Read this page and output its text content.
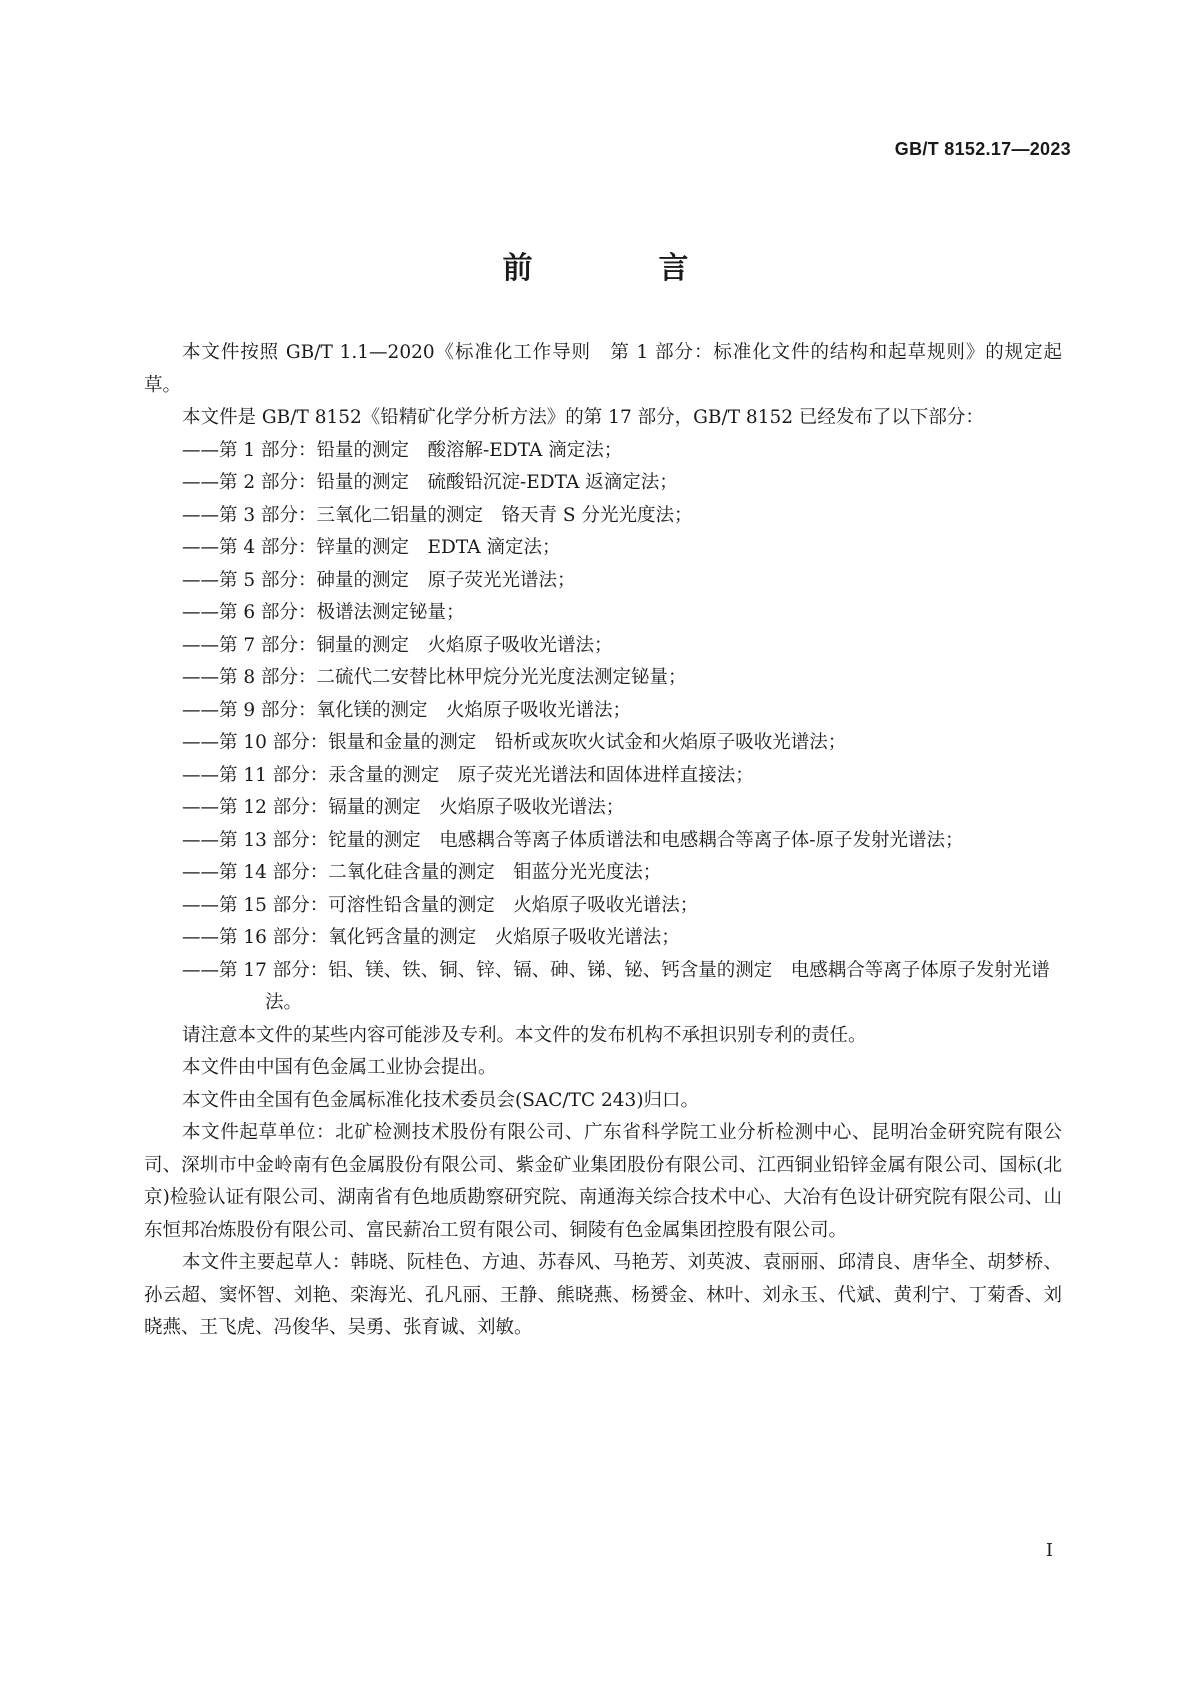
GB/T 8152.17—2023
前　言

本文件按照 GB/T 1.1—2020《标准化工作导则　第 1 部分：标准化文件的结构和起草规则》的规定起草。

本文件是 GB/T 8152《铅精矿化学分析方法》的第 17 部分，GB/T 8152 已经发布了以下部分：

——第 1 部分：铅量的测定　酸溶解-EDTA 滴定法；

——第 2 部分：铅量的测定　硫酸铅沉淀-EDTA 返滴定法；

——第 3 部分：三氧化二铝量的测定　铬天青 S 分光光度法；

——第 4 部分：锌量的测定　EDTA 滴定法；

——第 5 部分：砷量的测定　原子荧光光谱法；

——第 6 部分：极谱法测定铋量；

——第 7 部分：铜量的测定　火焰原子吸收光谱法；

——第 8 部分：二硫代二安替比林甲烷分光光度法测定铋量；

——第 9 部分：氧化镁的测定　火焰原子吸收光谱法；

——第 10 部分：银量和金量的测定　铅析或灰吹火试金和火焰原子吸收光谱法；

——第 11 部分：汞含量的测定　原子荧光光谱法和固体进样直接法；

——第 12 部分：镉量的测定　火焰原子吸收光谱法；

——第 13 部分：铊量的测定　电感耦合等离子体质谱法和电感耦合等离子体-原子发射光谱法；

——第 14 部分：二氧化硅含量的测定　钼蓝分光光度法；

——第 15 部分：可溶性铅含量的测定　火焰原子吸收光谱法；

——第 16 部分：氧化钙含量的测定　火焰原子吸收光谱法；

——第 17 部分：铝、镁、铁、铜、锌、镉、砷、锑、铋、钙含量的测定　电感耦合等离子体原子发射光谱法。

请注意本文件的某些内容可能涉及专利。本文件的发布机构不承担识别专利的责任。

本文件由中国有色金属工业协会提出。

本文件由全国有色金属标准化技术委员会(SAC/TC 243)归口。

本文件起草单位：北矿检测技术股份有限公司、广东省科学院工业分析检测中心、昆明冶金研究院有限公司、深圳市中金岭南有色金属股份有限公司、紫金矿业集团股份有限公司、江西铜业铅锌金属有限公司、国标(北京)检验认证有限公司、湖南省有色地质勘察研究院、南通海关综合技术中心、大冶有色设计研究院有限公司、山东恒邦冶炼股份有限公司、富民薪冶工贸有限公司、铜陵有色金属集团控股有限公司。

本文件主要起草人：韩晓、阮桂色、方迪、苏春风、马艳芳、刘英波、袁丽丽、邱清良、唐华全、胡梦桥、孙云超、窦怀智、刘艳、栾海光、孔凡丽、王静、熊晓燕、杨赟金、林叶、刘永玉、代斌、黄利宁、丁菊香、刘晓燕、王飞虎、冯俊华、吴勇、张育诚、刘敏。

I
